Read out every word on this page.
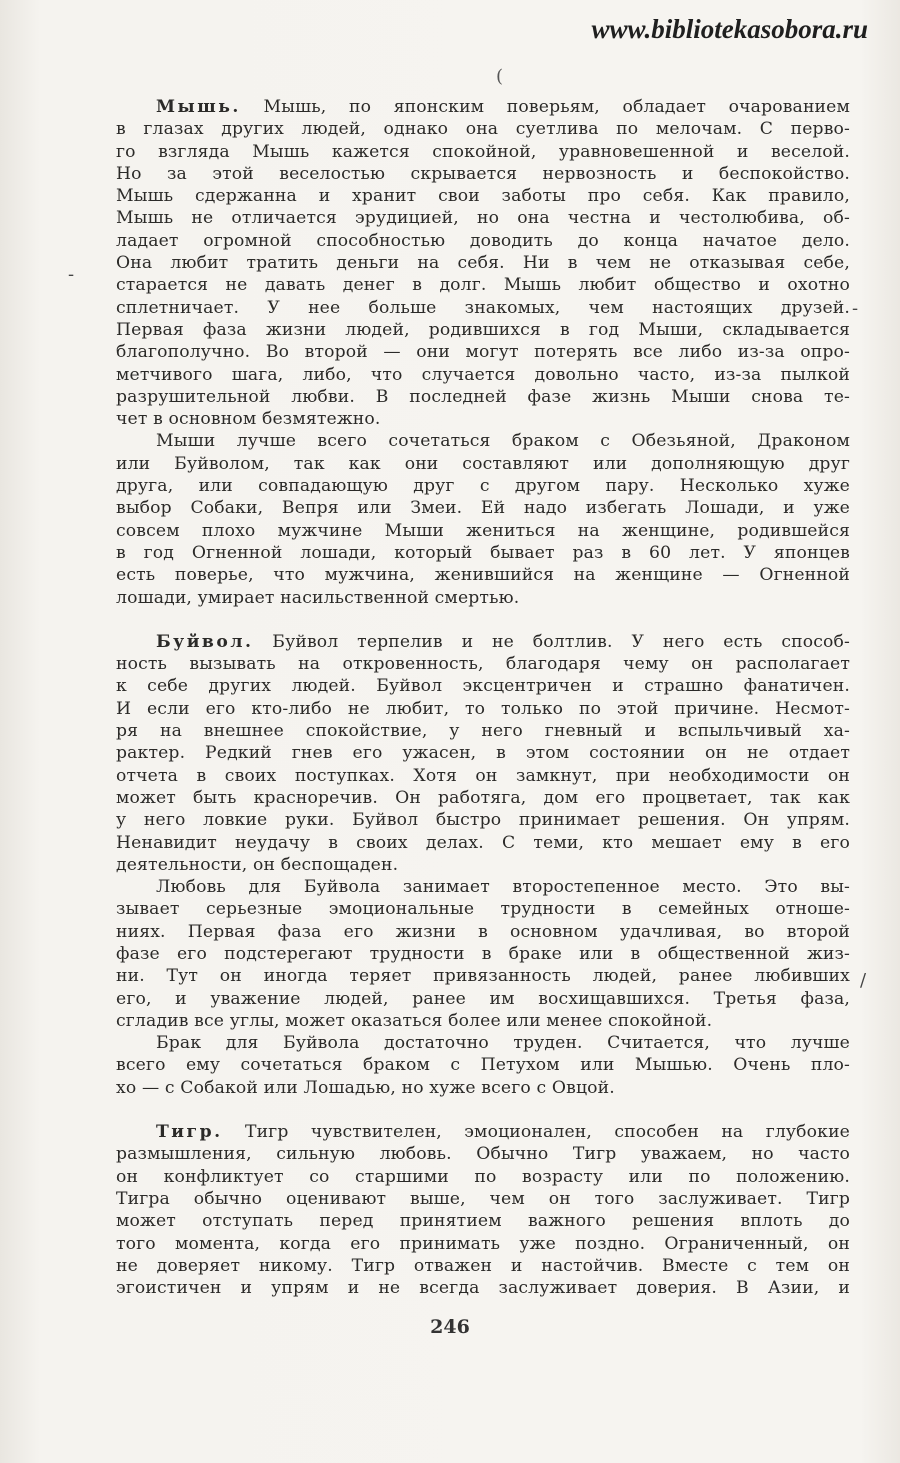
www.bibliotekasobora.ru
(
-
-
/
Мышь. Мышь, по японским поверьям, обладает очарованием
в глазах других людей, однако она суетлива по мелочам. С перво-
го взгляда Мышь кажется спокойной, уравновешенной и веселой.
Но за этой веселостью скрывается нервозность и беспокойство.
Мышь сдержанна и хранит свои заботы про себя. Как правило,
Мышь не отличается эрудицией, но она честна и честолюбива, об-
ладает огромной способностью доводить до конца начатое дело.
Она любит тратить деньги на себя. Ни в чем не отказывая себе,
старается не давать денег в долг. Мышь любит общество и охотно
сплетничает. У нее больше знакомых, чем настоящих друзей.
Первая фаза жизни людей, родившихся в год Мыши, складывается
благополучно. Во второй — они могут потерять все либо из-за опро-
метчивого шага, либо, что случается довольно часто, из-за пылкой
разрушительной любви. В последней фазе жизнь Мыши снова те-
чет в основном безмятежно.
Мыши лучше всего сочетаться браком с Обезьяной, Драконом
или Буйволом, так как они составляют или дополняющую друг
друга, или совпадающую друг с другом пару. Несколько хуже
выбор Собаки, Вепря или Змеи. Ей надо избегать Лошади, и уже
совсем плохо мужчине Мыши жениться на женщине, родившейся
в год Огненной лошади, который бывает раз в 60 лет. У японцев
есть поверье, что мужчина, женившийся на женщине — Огненной
лошади, умирает насильственной смертью.
Буйвол. Буйвол терпелив и не болтлив. У него есть способ-
ность вызывать на откровенность, благодаря чему он располагает
к себе других людей. Буйвол эксцентричен и страшно фанатичен.
И если его кто-либо не любит, то только по этой причине. Несмот-
ря на внешнее спокойствие, у него гневный и вспыльчивый ха-
рактер. Редкий гнев его ужасен, в этом состоянии он не отдает
отчета в своих поступках. Хотя он замкнут, при необходимости он
может быть красноречив. Он работяга, дом его процветает, так как
у него ловкие руки. Буйвол быстро принимает решения. Он упрям.
Ненавидит неудачу в своих делах. С теми, кто мешает ему в его
деятельности, он беспощаден.
Любовь для Буйвола занимает второстепенное место. Это вы-
зывает серьезные эмоциональные трудности в семейных отноше-
ниях. Первая фаза его жизни в основном удачливая, во второй
фазе его подстерегают трудности в браке или в общественной жиз-
ни. Тут он иногда теряет привязанность людей, ранее любивших
его, и уважение людей, ранее им восхищавшихся. Третья фаза,
сгладив все углы, может оказаться более или менее спокойной.
Брак для Буйвола достаточно труден. Считается, что лучше
всего ему сочетаться браком с Петухом или Мышью. Очень пло-
хо — с Собакой или Лошадью, но хуже всего с Овцой.
Тигр. Тигр чувствителен, эмоционален, способен на глубокие
размышления, сильную любовь. Обычно Тигр уважаем, но часто
он конфликтует со старшими по возрасту или по положению.
Тигра обычно оценивают выше, чем он того заслуживает. Тигр
может отступать перед принятием важного решения вплоть до
того момента, когда его принимать уже поздно. Ограниченный, он
не доверяет никому. Тигр отважен и настойчив. Вместе с тем он
эгоистичен и упрям и не всегда заслуживает доверия. В Азии, и
246
